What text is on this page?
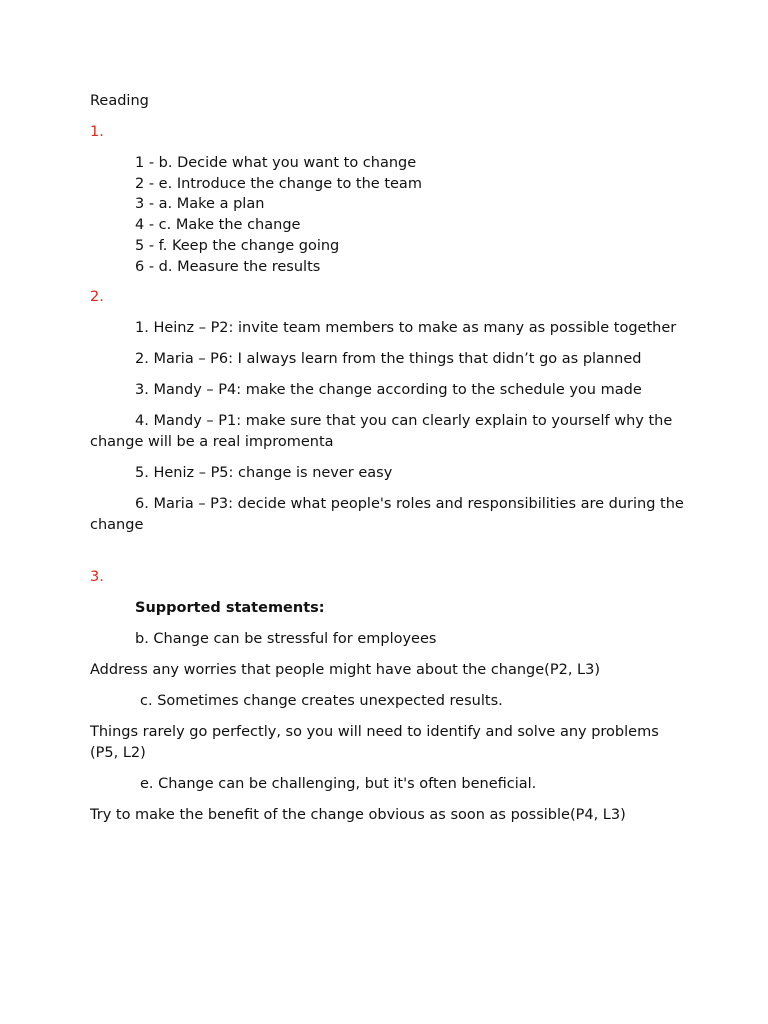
Reading

1.

1 - b. Decide what you want to change

2 - e. Introduce the change to the team

3 - a. Make a plan

4 - c. Make the change

5 - f. Keep the change going

6 - d. Measure the results

2.

1. Heinz – P2: invite team members to make as many as possible together

2. Maria – P6: I always learn from the things that didn’t go as planned

3. Mandy – P4: make the change according to the schedule you made

4. Mandy – P1: make sure that you can clearly explain to yourself why the change will be a real impromenta

5. Heniz – P5: change is never easy

6. Maria – P3: decide what people's roles and responsibilities are during the change

3.

Supported statements:

b. Change can be stressful for employees

Address any worries that people might have about the change(P2, L3)

c. Sometimes change creates unexpected results.

Things rarely go perfectly, so you will need to identify and solve any problems (P5, L2)

e. Change can be challenging, but it's often beneficial.

Try to make the benefit of the change obvious as soon as possible(P4, L3)
